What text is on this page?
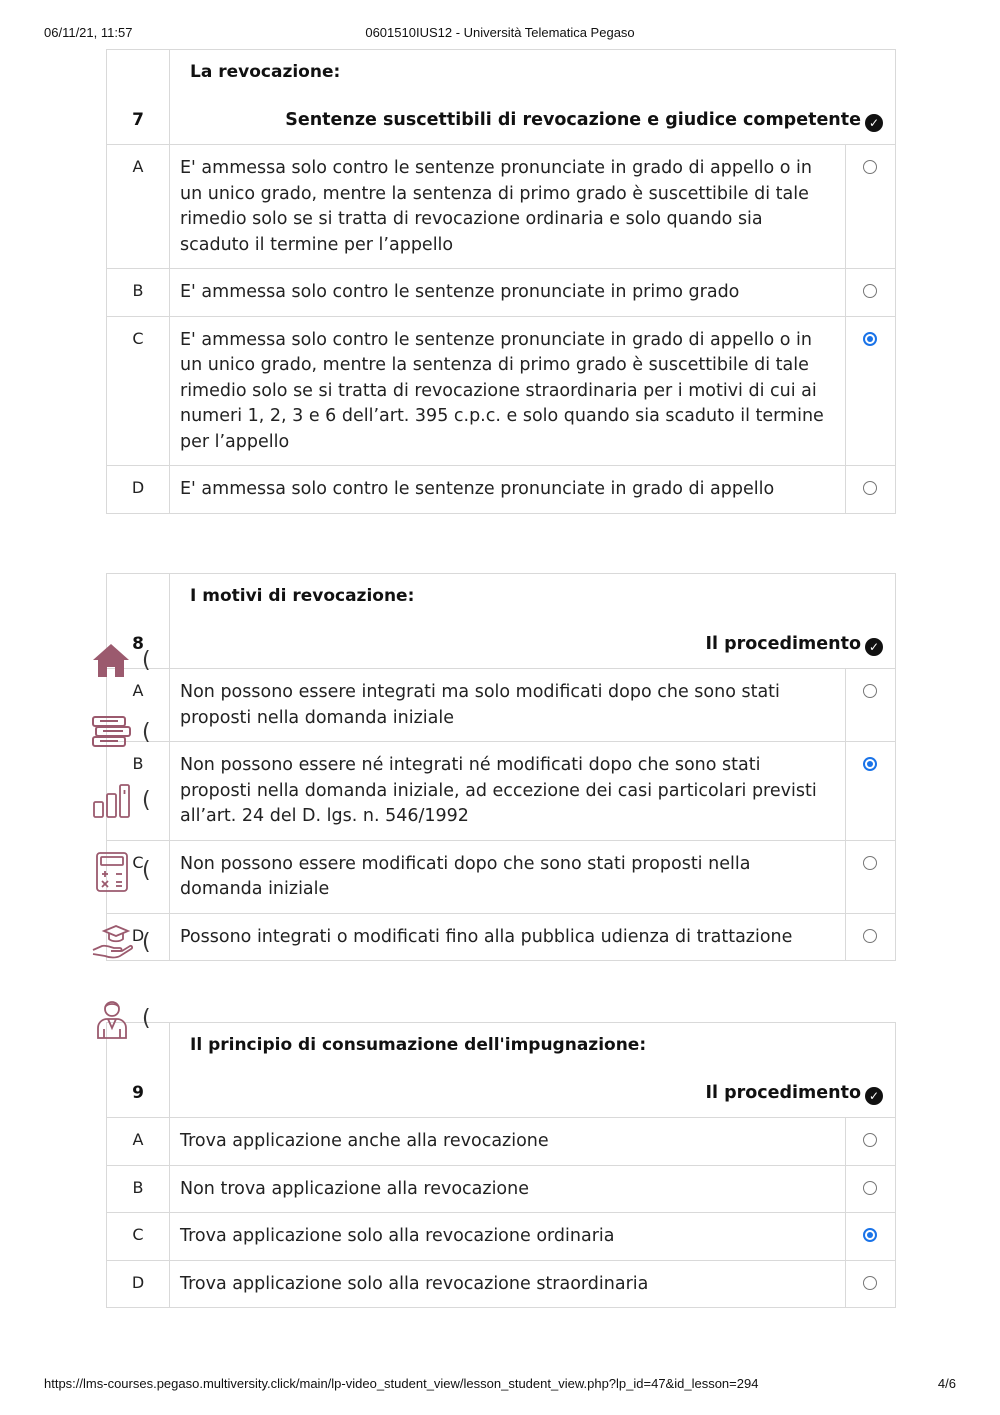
06/11/21, 11:57	0601510IUS12 - Università Telematica Pegaso
7	La revocazione:
Sentenze suscettibili di revocazione e giudice competente ✓	

A	E' ammessa solo contro le sentenze pronunciate in grado di appello o in un unico grado, mentre la sentenza di primo grado è suscettibile di tale rimedio solo se si tratta di revocazione ordinaria e solo quando sia scaduto il termine per l’appello	
B	E' ammessa solo contro le sentenze pronunciate in primo grado	
C	E' ammessa solo contro le sentenze pronunciate in grado di appello o in un unico grado, mentre la sentenza di primo grado è suscettibile di tale rimedio solo se si tratta di revocazione straordinaria per i motivi di cui ai numeri 1, 2, 3 e 6 dell’art. 395 c.p.c. e solo quando sia scaduto il termine per l’appello	
D	E' ammessa solo contro le sentenze pronunciate in grado di appello	
8	I motivi di revocazione:
Il procedimento ✓	

A	Non possono essere integrati ma solo modificati dopo che sono stati proposti nella domanda iniziale	
B	Non possono essere né integrati né modificati dopo che sono stati proposti nella domanda iniziale, ad eccezione dei casi particolari previsti all’art. 24 del D. lgs. n. 546/1992	
C	Non possono essere modificati dopo che sono stati proposti nella domanda iniziale	
D	Possono integrati o modificati fino alla pubblica udienza di trattazione	
9	Il principio di consumazione dell'impugnazione:
Il procedimento ✓	

A	Trova applicazione anche alla revocazione	
B	Non trova applicazione alla revocazione	
C	Trova applicazione solo alla revocazione ordinaria	
D	Trova applicazione solo alla revocazione straordinaria	
(
(
(
(
(
(
https://lms-courses.pegaso.multiversity.click/main/lp-video_student_view/lesson_student_view.php?lp_id=47&id_lesson=294	4/6
